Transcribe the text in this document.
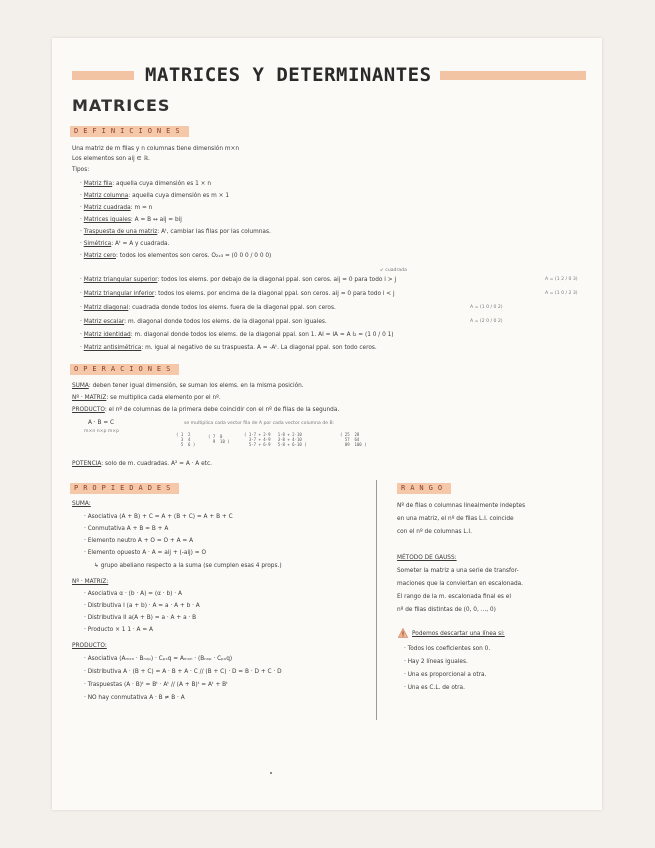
MATRICES Y DETERMINANTES
MATRICES
DEFINICIONES
Una matriz de m filas y n columnas tiene dimensión m×n
Los elementos son aij ∈ ℝ.
Tipos:
↙ cuadrada
· Matriz fila: aquella cuya dimensión es 1 × n
· Matriz columna: aquella cuya dimensión es m × 1
· Matriz cuadrada: m = n
· Matrices iguales: A = B ↔ aij = bij
· Traspuesta de una matriz: Aᵗ, cambiar las filas por las columnas.
· Simétrica: Aᵗ = A y cuadrada.
· Matriz cero: todos los elementos son ceros. O₂ₓ₃ = (0 0 0 / 0 0 0)
· Matriz triangular superior: todos los elems. por debajo de la diagonal ppal. son ceros. aij = 0 para todo i > j	A = (1 2 / 0 3)
· Matriz triangular inferior: todos los elems. por encima de la diagonal ppal. son ceros. aij = 0 para todo i < j	A = (1 0 / 2 3)
· Matriz diagonal: cuadrada donde todos los elems. fuera de la diagonal ppal. son ceros.	A = (1 0 / 0 2)
· Matriz escalar: m. diagonal donde todos los elems. de la diagonal ppal. son iguales.	A = (2 0 / 0 2)
· Matriz identidad: m. diagonal donde todos los elems. de la diagonal ppal. son 1. AI = IA = A I₂ = (1 0 / 0 1)
· Matriz antisimétrica: m. igual al negativo de su traspuesta. A = -Aᵗ. La diagonal ppal. son todo ceros.
OPERACIONES
SUMA: deben tener igual dimensión, se suman los elems. en la misma posición.
Nº · MATRIZ: se multiplica cada elemento por el nº.
PRODUCTO: el nº de columnas de la primera debe coincidir con el nº de filas de la segunda.
A · B = C
m×n n×p m×p
se multiplica cada vector fila de A por cada vector columna de B:
( 1  2
3  4
5  6 )
( 7  8
9  10 )
( 1·7 + 2·9   1·8 + 2·10
3·7 + 4·9   3·8 + 4·10
5·7 + 6·9   5·8 + 6·10 )
( 25  28
57  64
89  100 )
POTENCIA: solo de m. cuadradas. A² = A · A etc.
PROPIEDADES
SUMA:
· Asociativa (A + B) + C = A + (B + C) = A + B + C
· Conmutativa A + B = B + A
· Elemento neutro A + O = O + A = A
· Elemento opuesto A · A = aij + (-aij) = O
↳ grupo abeliano respecto a la suma (se cumplen esas 4 props.)
Nº · MATRIZ:
· Asociativa α · (b · A) = (α · b) · A
· Distributiva I (a + b) · A = a · A + b · A
· Distributiva II a(A + B) = a · A + a · B
· Producto × 1 1 · A = A
PRODUCTO:
· Asociativa (Aₘₓₙ · Bₙₓₚ) · Cₚₓq = Aₘₓₙ · (Bₙₓₚ · Cₚₓq)
· Distributiva A · (B + C) = A · B + A · C // (B + C) · D = B · D + C · D
· Traspuestas (A · B)ᵗ = Bᵗ · Aᵗ // (A + B)ᵗ = Aᵗ + Bᵗ
· NO hay conmutativa A · B ≠ B · A
RANGO
Nº de filas o columnas linealmente indeptes
en una matriz, el nº de filas L.I. coincide
con el nº de columnas L.I.
MÉTODO DE GAUSS:
Someter la matriz a una serie de transfor-
maciones que la conviertan en escalonada.
El rango de la m. escalonada final es el
nº de filas distintas de (0, 0, ..., 0)
Podemos descartar una línea si:
· Todos los coeficientes son 0.
· Hay 2 líneas iguales.
· Una es proporcional a otra.
· Una es C.L. de otra.
